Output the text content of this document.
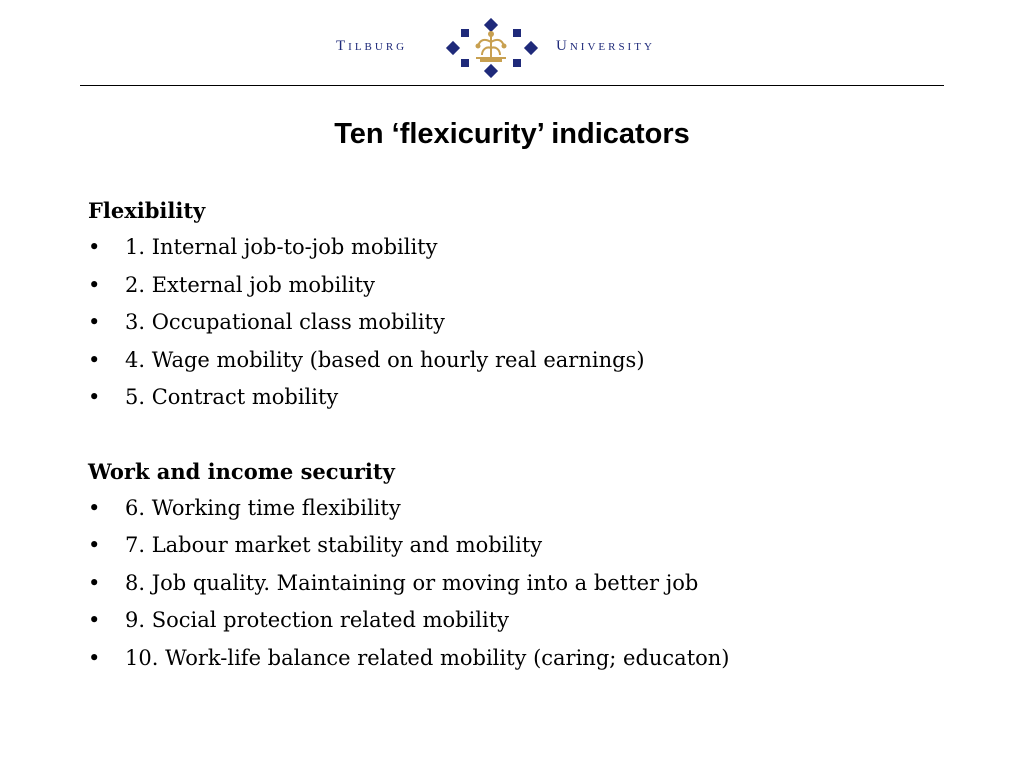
Tilburg	University
Ten ‘flexicurity’ indicators

Flexibility

• 1. Internal job-to-job mobility
• 2. External job mobility
• 3. Occupational class mobility
• 4. Wage mobility (based on hourly real earnings)
• 5. Contract mobility

Work and income security

• 6. Working time flexibility
• 7. Labour market stability and mobility
• 8. Job quality. Maintaining or moving into a better job
• 9. Social protection related mobility
• 10. Work-life balance related mobility (caring; educaton)
